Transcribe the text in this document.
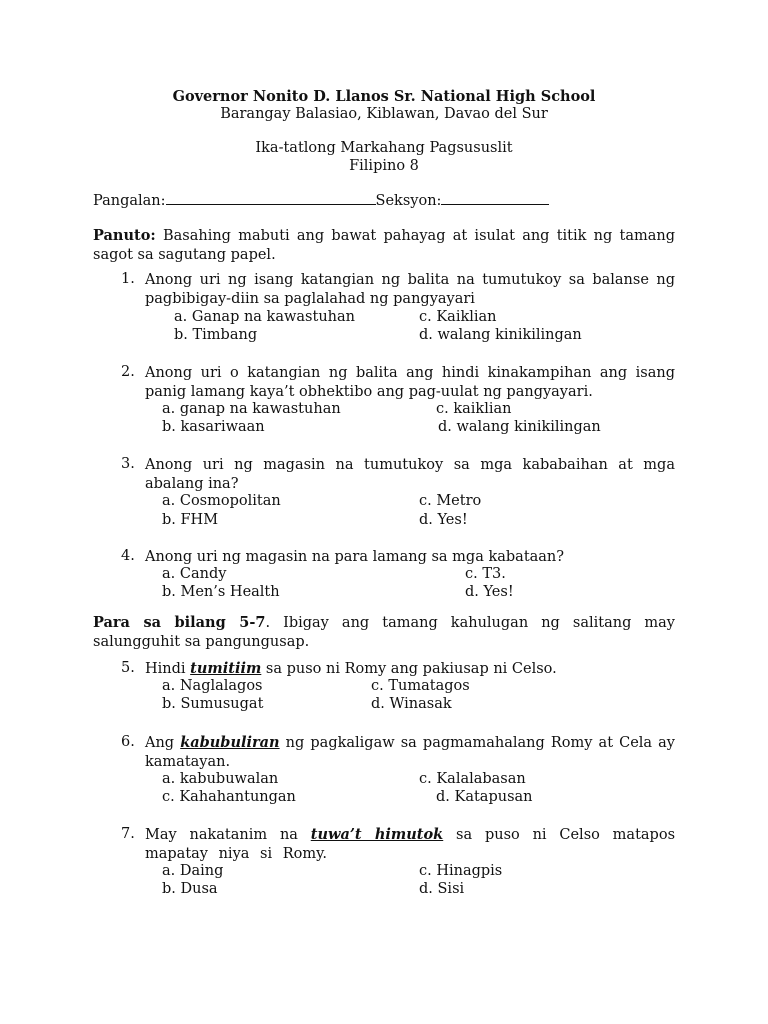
Governor Nonito D. Llanos Sr. National High School
Barangay Balasiao, Kiblawan, Davao del Sur
Ika-tatlong Markahang Pagsususlit
Filipino 8
Pangalan:	Seksyon:
Panuto: Basahing mabuti ang bawat pahayag at isulat ang titik ng tamang sagot sa sagutang papel.
1. Anong uri ng isang katangian ng balita na tumutukoy sa balanse ng pagbibigay-diin sa paglalahad ng pangyayari
a. Ganap na kawastuhan
b. Timbang
c. Kaiklian
d. walang kinikilingan
2. Anong uri o katangian ng balita ang hindi kinakampihan ang isang panig lamang kaya’t obhektibo ang pag-uulat ng pangyayari.
a. ganap na kawastuhan
b. kasariwaan
c. kaiklian
d. walang kinikilingan
3. Anong uri ng magasin na tumutukoy sa mga kababaihan at mga abalang ina?
a. Cosmopolitan
b. FHM
c. Metro
d. Yes!
4. Anong uri ng magasin na para lamang sa mga kabataan?
a. Candy
b. Men’s Health
c. T3.
d. Yes!
Para sa bilang 5-7. Ibigay ang tamang kahulugan ng salitang may salungguhit sa pangungusap.
5. Hindi tumitiim sa puso ni Romy ang pakiusap ni Celso.
a. Naglalagos
b. Sumusugat
c. Tumatagos
d. Winasak
6. Ang kabubuliran ng pagkaligaw sa pagmamahalang Romy at Cela ay kamatayan.
a. kabubuwalan
c. Kahahantungan
c. Kalalabasan
d. Katapusan
7. May nakatanim na tuwa’t himutok sa puso ni Celso matapos mapatay niya si Romy.
a. Daing
b. Dusa
c. Hinagpis
d. Sisi
